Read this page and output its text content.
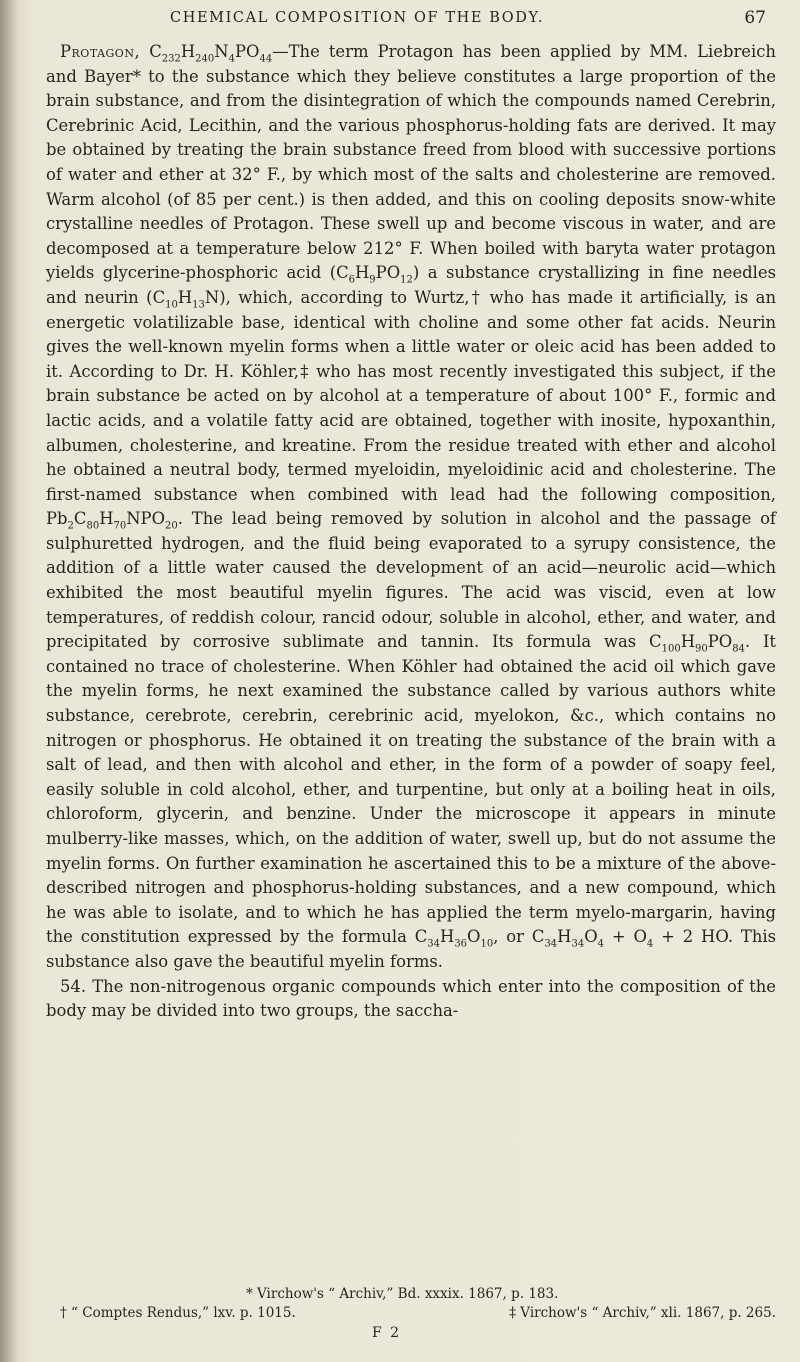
CHEMICAL COMPOSITION OF THE BODY.	67

Protagon, $C_{232}H_{240}N_4PO_{44}—The$ term Protagon has been applied by MM. Liebreich and Bayer* to the substance which they believe constitutes a large proportion of the brain substance, and from the disintegration of which the compounds named Cerebrin, Cerebrinic Acid, Lecithin, and the various phosphorus-holding fats are derived. It may be obtained by treating the brain substance freed from blood with successive portions of water and ether at 32° F., by which most of the salts and cholesterine are removed. Warm alcohol (of 85 per cent.) is then added, and this on cooling deposits snow-white crystalline needles of Protagon. These swell up and become viscous in water, and are decomposed at a temperature below 212° F. When boiled with baryta water protagon yields glycerine-phosphoric acid $(C_6H_9PO_{12})$ a substance crystallizing in fine needles and neurin $(C_{10}H_{13}N)$, which, according to Wurtz,† who has made it artificially, is an energetic volatilizable base, identical with choline and some other fat acids. Neurin gives the well-known myelin forms when a little water or oleic acid has been added to it. According to Dr. H. Köhler,‡ who has most recently investigated this subject, if the brain substance be acted on by alcohol at a temperature of about 100° F., formic and lactic acids, and a volatile fatty acid are obtained, together with inosite, hypoxanthin, albumen, cholesterine, and kreatine. From the residue treated with ether and alcohol he obtained a neutral body, termed myeloidin, myeloidinic acid and cholesterine. The first-named substance when combined with lead had the following composition, $Pb_2C_{80}H_{70}NPO_{20}$. The lead being removed by solution in alcohol and the passage of sulphuretted hydrogen, and the fluid being evaporated to a syrupy consistence, the addition of a little water caused the development of an acid—neurolic acid—which exhibited the most beautiful myelin figures. The acid was viscid, even at low temperatures, of reddish colour, rancid odour, soluble in alcohol, ether, and water, and precipitated by corrosive sublimate and tannin. Its formula was $C_{100}H_{90}PO_{84}$. It contained no trace of cholesterine. When Köhler had obtained the acid oil which gave the myelin forms, he next examined the substance called by various authors white substance, cerebrote, cerebrin, cerebrinic acid, myelokon, &c., which contains no nitrogen or phosphorus. He obtained it on treating the substance of the brain with a salt of lead, and then with alcohol and ether, in the form of a powder of soapy feel, easily soluble in cold alcohol, ether, and turpentine, but only at a boiling heat in oils, chloroform, glycerin, and benzine. Under the microscope it appears in minute mulberry-like masses, which, on the addition of water, swell up, but do not assume the myelin forms. On further examination he ascertained this to be a mixture of the above-described nitrogen and phosphorus-holding substances, and a new compound, which he was able to isolate, and to which he has applied the term myelo-margarin, having the constitution expressed by the formula $C_{34}H_{36}O_{10}$, or $C_{34}H_{34}O_4 + O_4 + 2$ HO. This substance also gave the beautiful myelin forms.

54. The non-nitrogenous organic compounds which enter into the composition of the body may be divided into two groups, the saccha-

* Virchow's “ Archiv,” Bd. xxxix. 1867, p. 183.
† “ Comptes Rendus,” lxv. p. 1015.	‡ Virchow's “ Archiv,” xli. 1867, p. 265.
F 2
